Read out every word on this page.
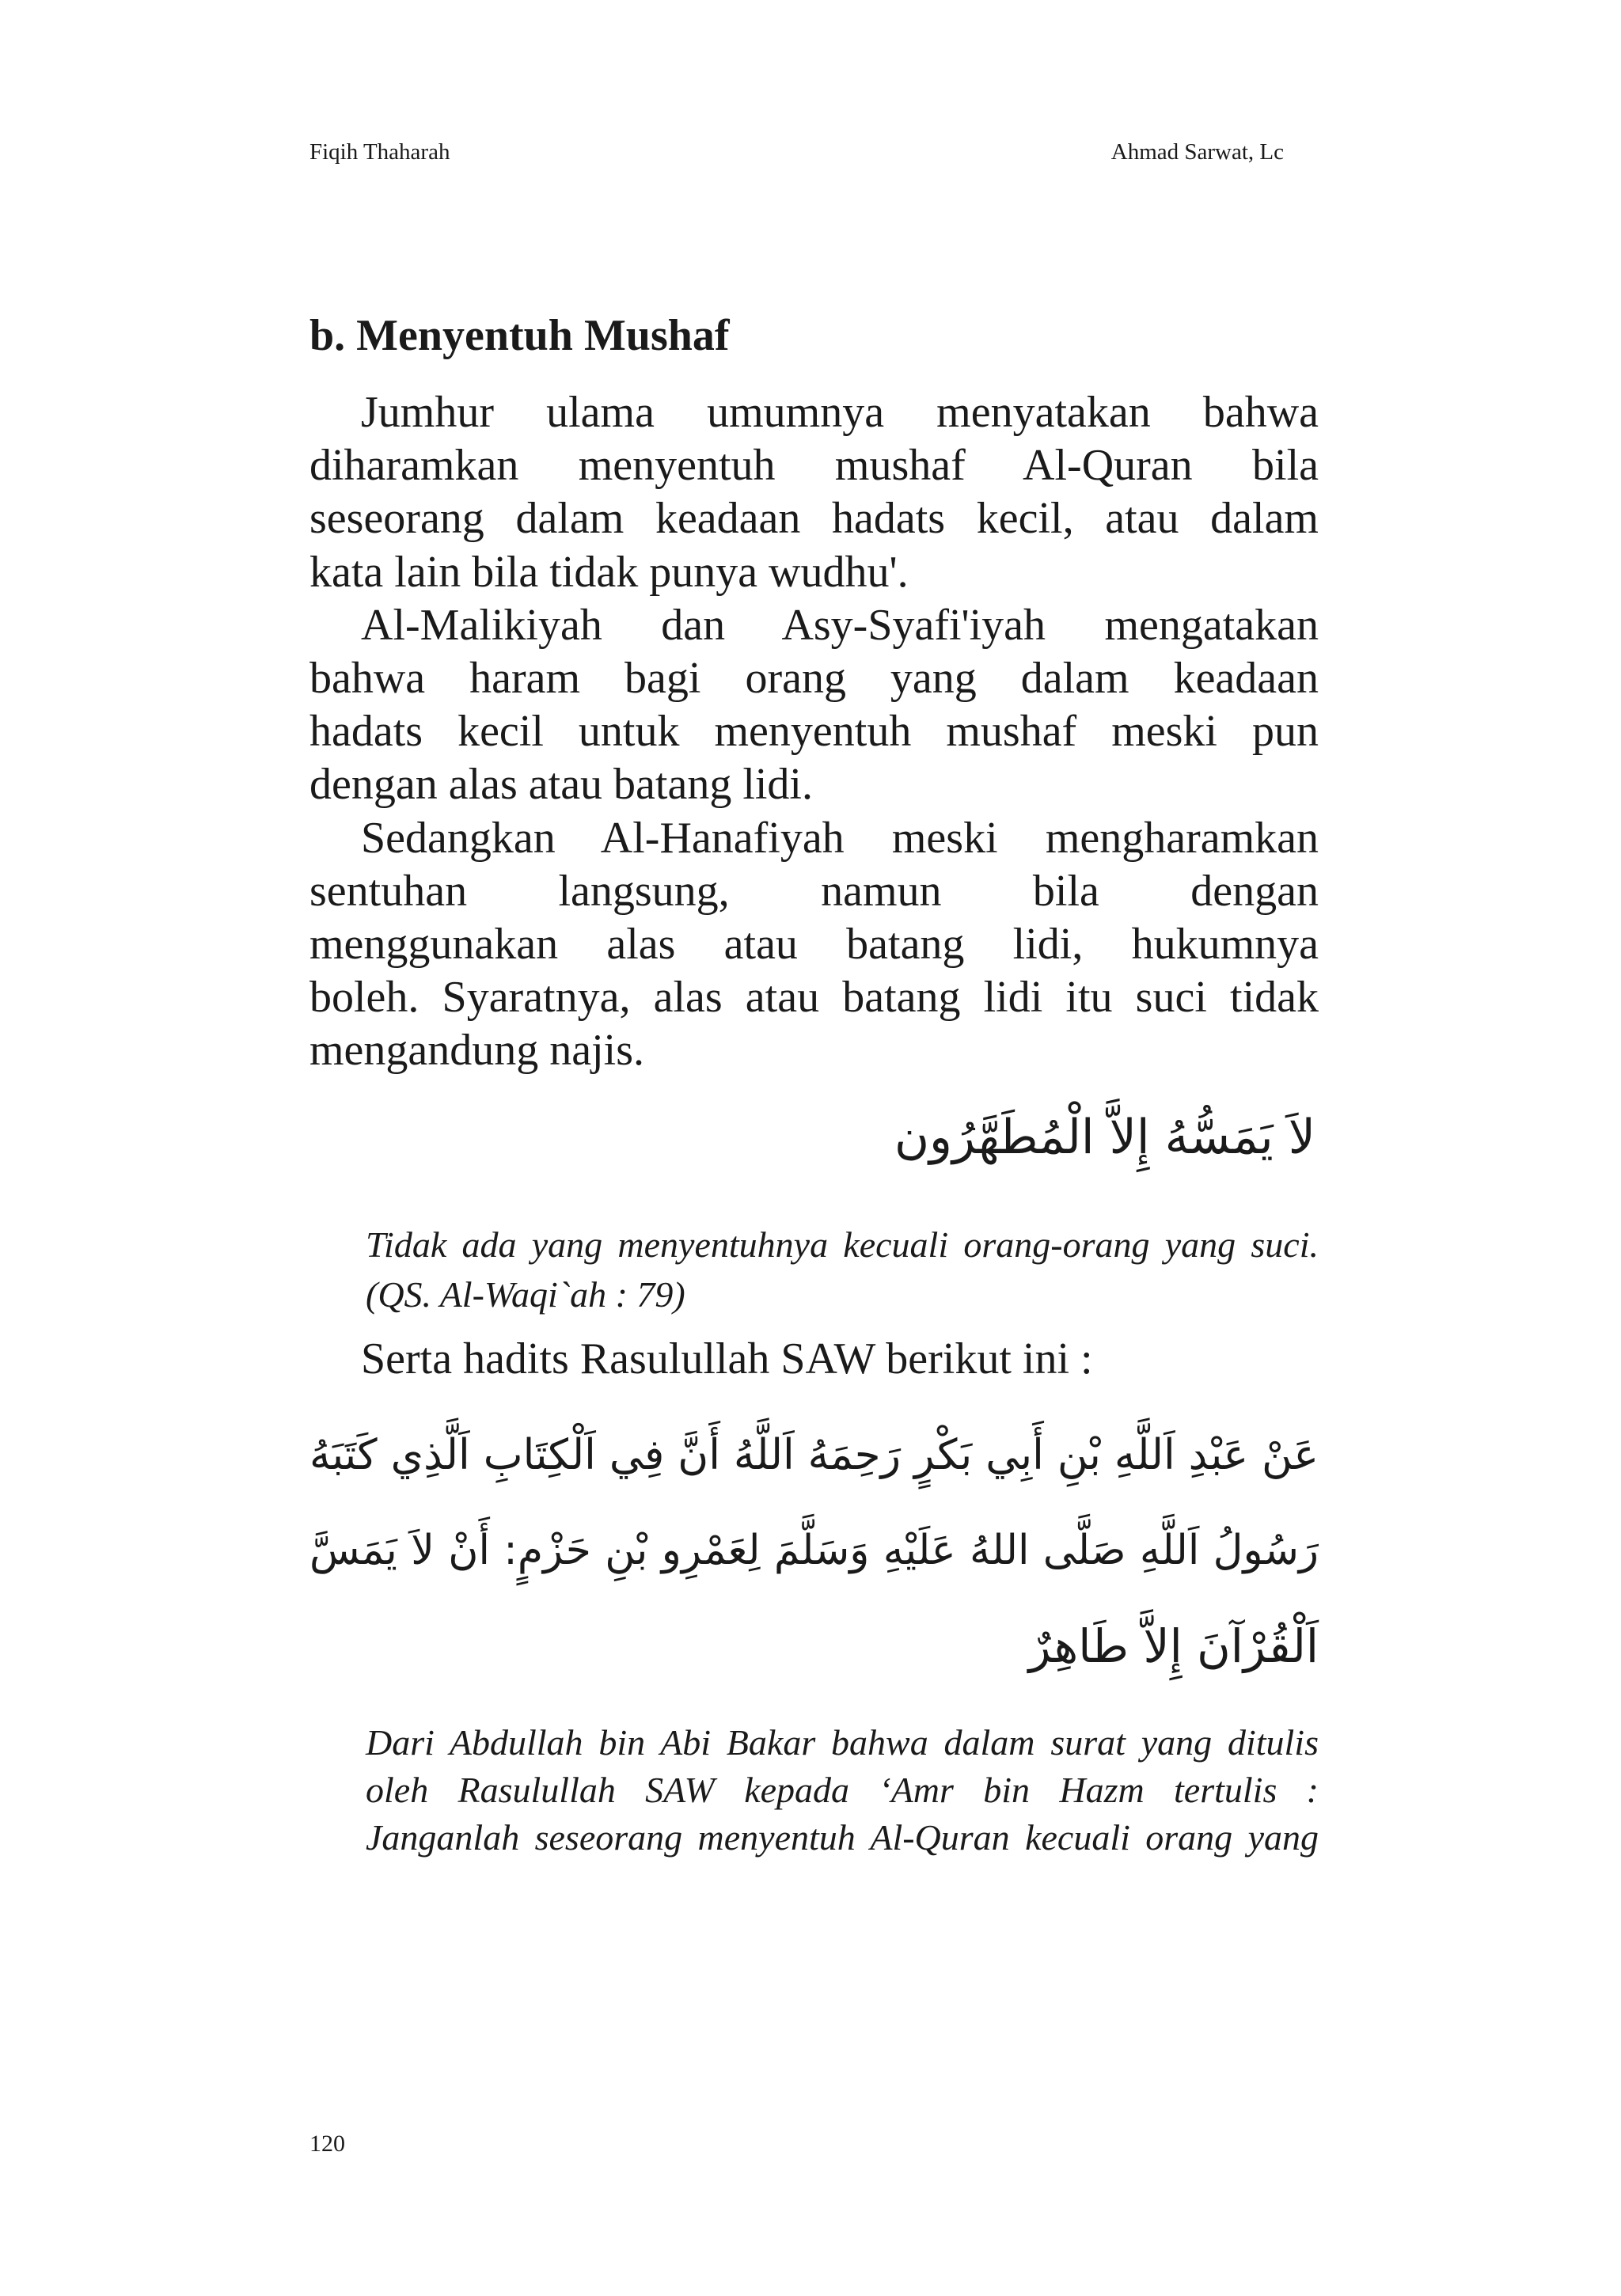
Fiqih Thaharah	Ahmad Sarwat, Lc
b. Menyentuh Mushaf
Jumhur ulama umumnya menyatakan bahwa
diharamkan menyentuh mushaf Al-Quran bila
seseorang dalam keadaan hadats kecil, atau dalam
kata lain bila tidak punya wudhu'.
Al-Malikiyah dan Asy-Syafi'iyah mengatakan
bahwa haram bagi orang yang dalam keadaan
hadats kecil untuk menyentuh mushaf meski pun
dengan alas atau batang lidi.
Sedangkan Al-Hanafiyah meski mengharamkan
sentuhan langsung, namun bila dengan
menggunakan alas atau batang lidi, hukumnya
boleh. Syaratnya, alas atau batang lidi itu suci tidak
mengandung najis.
لاَ يَمَسُّهُ إِلاَّ الْمُطَهَّرُون
Tidak ada yang menyentuhnya kecuali orang-orang yang suci.
(QS. Al-Waqi`ah : 79)
Serta hadits Rasulullah SAW berikut ini :
عَنْ عَبْدِ اَللَّهِ بْنِ أَبِي بَكْرٍ رَحِمَهُ اَللَّهُ أَنَّ فِي اَلْكِتَابِ اَلَّذِي كَتَبَهُ
رَسُولُ اَللَّهِ صَلَّى اللهُ عَلَيْهِ وَسَلَّمَ لِعَمْرِو بْنِ حَزْمٍ: أَنْ لاَ يَمَسَّ
اَلْقُرْآنَ إِلاَّ طَاهِرٌ
Dari Abdullah bin Abi Bakar bahwa dalam surat yang ditulis
oleh Rasulullah SAW kepada ‘Amr bin Hazm tertulis :
Janganlah seseorang menyentuh Al-Quran kecuali orang yang
120
